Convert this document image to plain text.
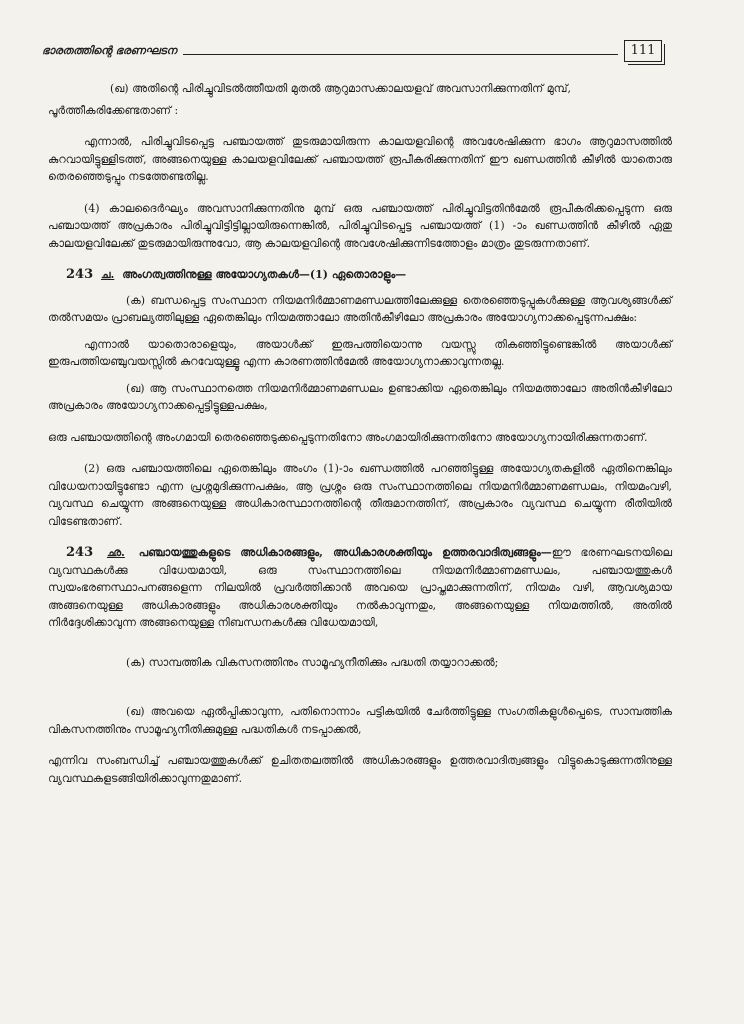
ഭാരതത്തിന്റെ ഭരണഘടന	111

(ഖ) അതിന്റെ പിരിച്ചുവിടൽത്തീയതി മുതൽ ആറുമാസക്കാലയളവ് അവസാനിക്കുന്നതിന് മുമ്പ്,

പൂർത്തീകരിക്കേണ്ടതാണ് :

എന്നാൽ, പിരിച്ചുവിടപ്പെട്ട പഞ്ചായത്ത് തുടരുമായിരുന്ന കാലയളവിന്റെ അവശേഷിക്കുന്ന ഭാഗം ആറുമാസത്തിൽ കുറവായിട്ടുള്ളിടത്ത്, അങ്ങനെയുള്ള കാലയളവിലേക്ക് പഞ്ചായത്ത് രൂപീകരിക്കുന്നതിന് ഈ ഖണ്ഡത്തിൻ കീഴിൽ യാതൊരു തെരഞ്ഞെടുപ്പും നടത്തേണ്ടതില്ല.

(4) കാലദൈർഘ്യം അവസാനിക്കുന്നതിനു മുമ്പ് ഒരു പഞ്ചായത്ത് പിരിച്ചുവിട്ടതിൻമേൽ രൂപീകരിക്കപ്പെടുന്ന ഒരു പഞ്ചായത്ത് അപ്രകാരം പിരിച്ചുവിട്ടിട്ടില്ലായിരുന്നെങ്കിൽ, പിരിച്ചുവിടപ്പെട്ട പഞ്ചായത്ത് (1) -ാം ഖണ്ഡത്തിൻ കീഴിൽ ഏതു കാലയളവിലേക്ക് തുടരുമായിരുന്നുവോ, ആ കാലയളവിന്റെ അവശേഷിക്കുന്നിടത്തോളം മാത്രം തുടരുന്നതാണ്.

243 ച. അംഗത്വത്തിനുള്ള അയോഗ്യതകൾ—(1) ഏതൊരാളും—

(ക) ബന്ധപ്പെട്ട സംസ്ഥാന നിയമനിർമ്മാണമണ്ഡലത്തിലേക്കുള്ള തെരഞ്ഞെടുപ്പുകൾക്കുള്ള ആവശ്യങ്ങൾക്ക് തൽസമയം പ്രാബല്യത്തിലുള്ള ഏതെങ്കിലും നിയമത്താലോ അതിൻകീഴിലോ അപ്രകാരം അയോഗ്യനാക്കപ്പെടുന്നപക്ഷം:

എന്നാൽ യാതൊരാളെയും, അയാൾക്ക് ഇരുപത്തിയൊന്നു വയസ്സു തികഞ്ഞിട്ടുണ്ടെങ്കിൽ അയാൾക്ക് ഇരുപത്തിയഞ്ചുവയസ്സിൽ കുറവേയുള്ളൂ എന്ന കാരണത്തിൻമേൽ അയോഗ്യനാക്കാവുന്നതല്ല.

(ഖ) ആ സംസ്ഥാനത്തെ നിയമനിർമ്മാണമണ്ഡലം ഉണ്ടാക്കിയ ഏതെങ്കിലും നിയമത്താലോ അതിൻകീഴിലോ അപ്രകാരം അയോഗ്യനാക്കപ്പെട്ടിട്ടുള്ളപക്ഷം,

ഒരു പഞ്ചായത്തിന്റെ അംഗമായി തെരഞ്ഞെടുക്കപ്പെടുന്നതിനോ അംഗമായിരിക്കുന്നതിനോ അയോഗ്യനായിരിക്കുന്നതാണ്.

(2) ഒരു പഞ്ചായത്തിലെ ഏതെങ്കിലും അംഗം (1)-ാം ഖണ്ഡത്തിൽ പറഞ്ഞിട്ടുള്ള അയോഗ്യതകളിൽ ഏതിനെങ്കിലും വിധേയനായിട്ടുണ്ടോ എന്ന പ്രശ്നമുദിക്കുന്നപക്ഷം, ആ പ്രശ്നം ഒരു സംസ്ഥാനത്തിലെ നിയമനിർമ്മാണമണ്ഡലം, നിയമംവഴി, വ്യവസ്ഥ ചെയ്യുന്ന അങ്ങനെയുള്ള അധികാരസ്ഥാനത്തിന്റെ തീരുമാനത്തിന്, അപ്രകാരം വ്യവസ്ഥ ചെയ്യുന്ന രീതിയിൽ വിടേണ്ടതാണ്.

243 ഛ. പഞ്ചായത്തുകളുടെ അധികാരങ്ങളും, അധികാരശക്തിയും ഉത്തരവാദിത്വങ്ങളും—ഈ ഭരണഘടനയിലെ വ്യവസ്ഥകൾക്കു വിധേയമായി, ഒരു സംസ്ഥാനത്തിലെ നിയമനിർമ്മാണമണ്ഡലം, പഞ്ചായത്തുകൾ സ്വയംഭരണസ്ഥാപനങ്ങളെന്ന നിലയിൽ പ്രവർത്തിക്കാൻ അവയെ പ്രാപ്തമാക്കുന്നതിന്, നിയമം വഴി, ആവശ്യമായ അങ്ങനെയുള്ള അധികാരങ്ങളും അധികാരശക്തിയും നൽകാവുന്നതും, അങ്ങനെയുള്ള നിയമത്തിൽ, അതിൽ നിർദ്ദേശിക്കാവുന്ന അങ്ങനെയുള്ള നിബന്ധനകൾക്കു വിധേയമായി,

(ക) സാമ്പത്തിക വികസനത്തിനും സാമൂഹ്യനീതിക്കും പദ്ധതി തയ്യാറാക്കൽ;

(ഖ) അവയെ ഏൽപ്പിക്കാവുന്ന, പതിനൊന്നാം പട്ടികയിൽ ചേർത്തിട്ടുള്ള സംഗതികളുൾപ്പെടെ, സാമ്പത്തിക വികസനത്തിനും സാമൂഹ്യനീതിക്കുമുള്ള പദ്ധതികൾ നടപ്പാക്കൽ,

എന്നിവ സംബന്ധിച്ച് പഞ്ചായത്തുകൾക്ക് ഉചിതതലത്തിൽ അധികാരങ്ങളും ഉത്തരവാദിത്വങ്ങളും വിട്ടുകൊടുക്കുന്നതിനുള്ള വ്യവസ്ഥകളടങ്ങിയിരിക്കാവുന്നതുമാണ്.
